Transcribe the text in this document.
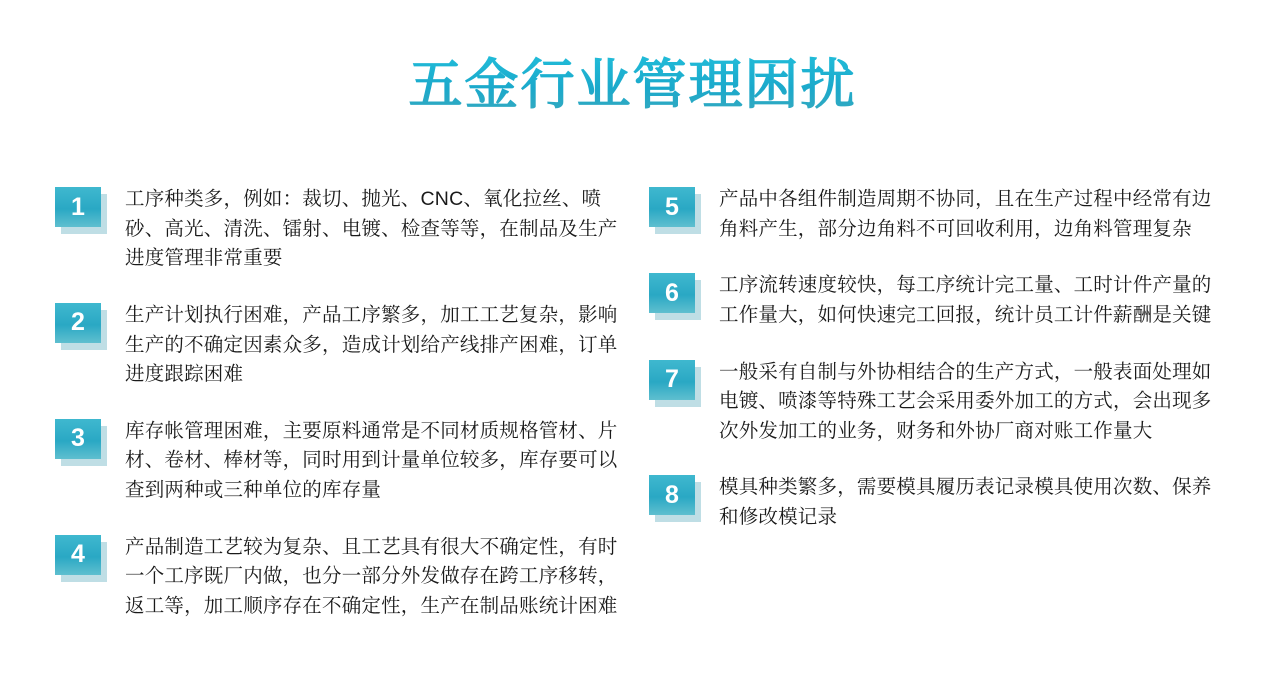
五金行业管理困扰
1	工序种类多，例如：裁切、抛光、CNC、氧化拉丝、喷砂、高光、清洗、镭射、电镀、检查等等，在制品及生产进度管理非常重要
2	生产计划执行困难，产品工序繁多，加工工艺复杂，影响生产的不确定因素众多，造成计划给产线排产困难，订单进度跟踪困难
3	库存帐管理困难，主要原料通常是不同材质规格管材、片材、卷材、棒材等，同时用到计量单位较多，库存要可以查到两种或三种单位的库存量
4	产品制造工艺较为复杂、且工艺具有很大不确定性，有时一个工序既厂内做，也分一部分外发做存在跨工序移转，返工等，加工顺序存在不确定性，生产在制品账统计困难
5	产品中各组件制造周期不协同，且在生产过程中经常有边角料产生，部分边角料不可回收利用，边角料管理复杂
6	工序流转速度较快，每工序统计完工量、工时计件产量的工作量大，如何快速完工回报，统计员工计件薪酬是关键
7	一般采有自制与外协相结合的生产方式，一般表面处理如电镀、喷漆等特殊工艺会采用委外加工的方式，会出现多次外发加工的业务，财务和外协厂商对账工作量大
8	模具种类繁多，需要模具履历表记录模具使用次数、保养和修改模记录
